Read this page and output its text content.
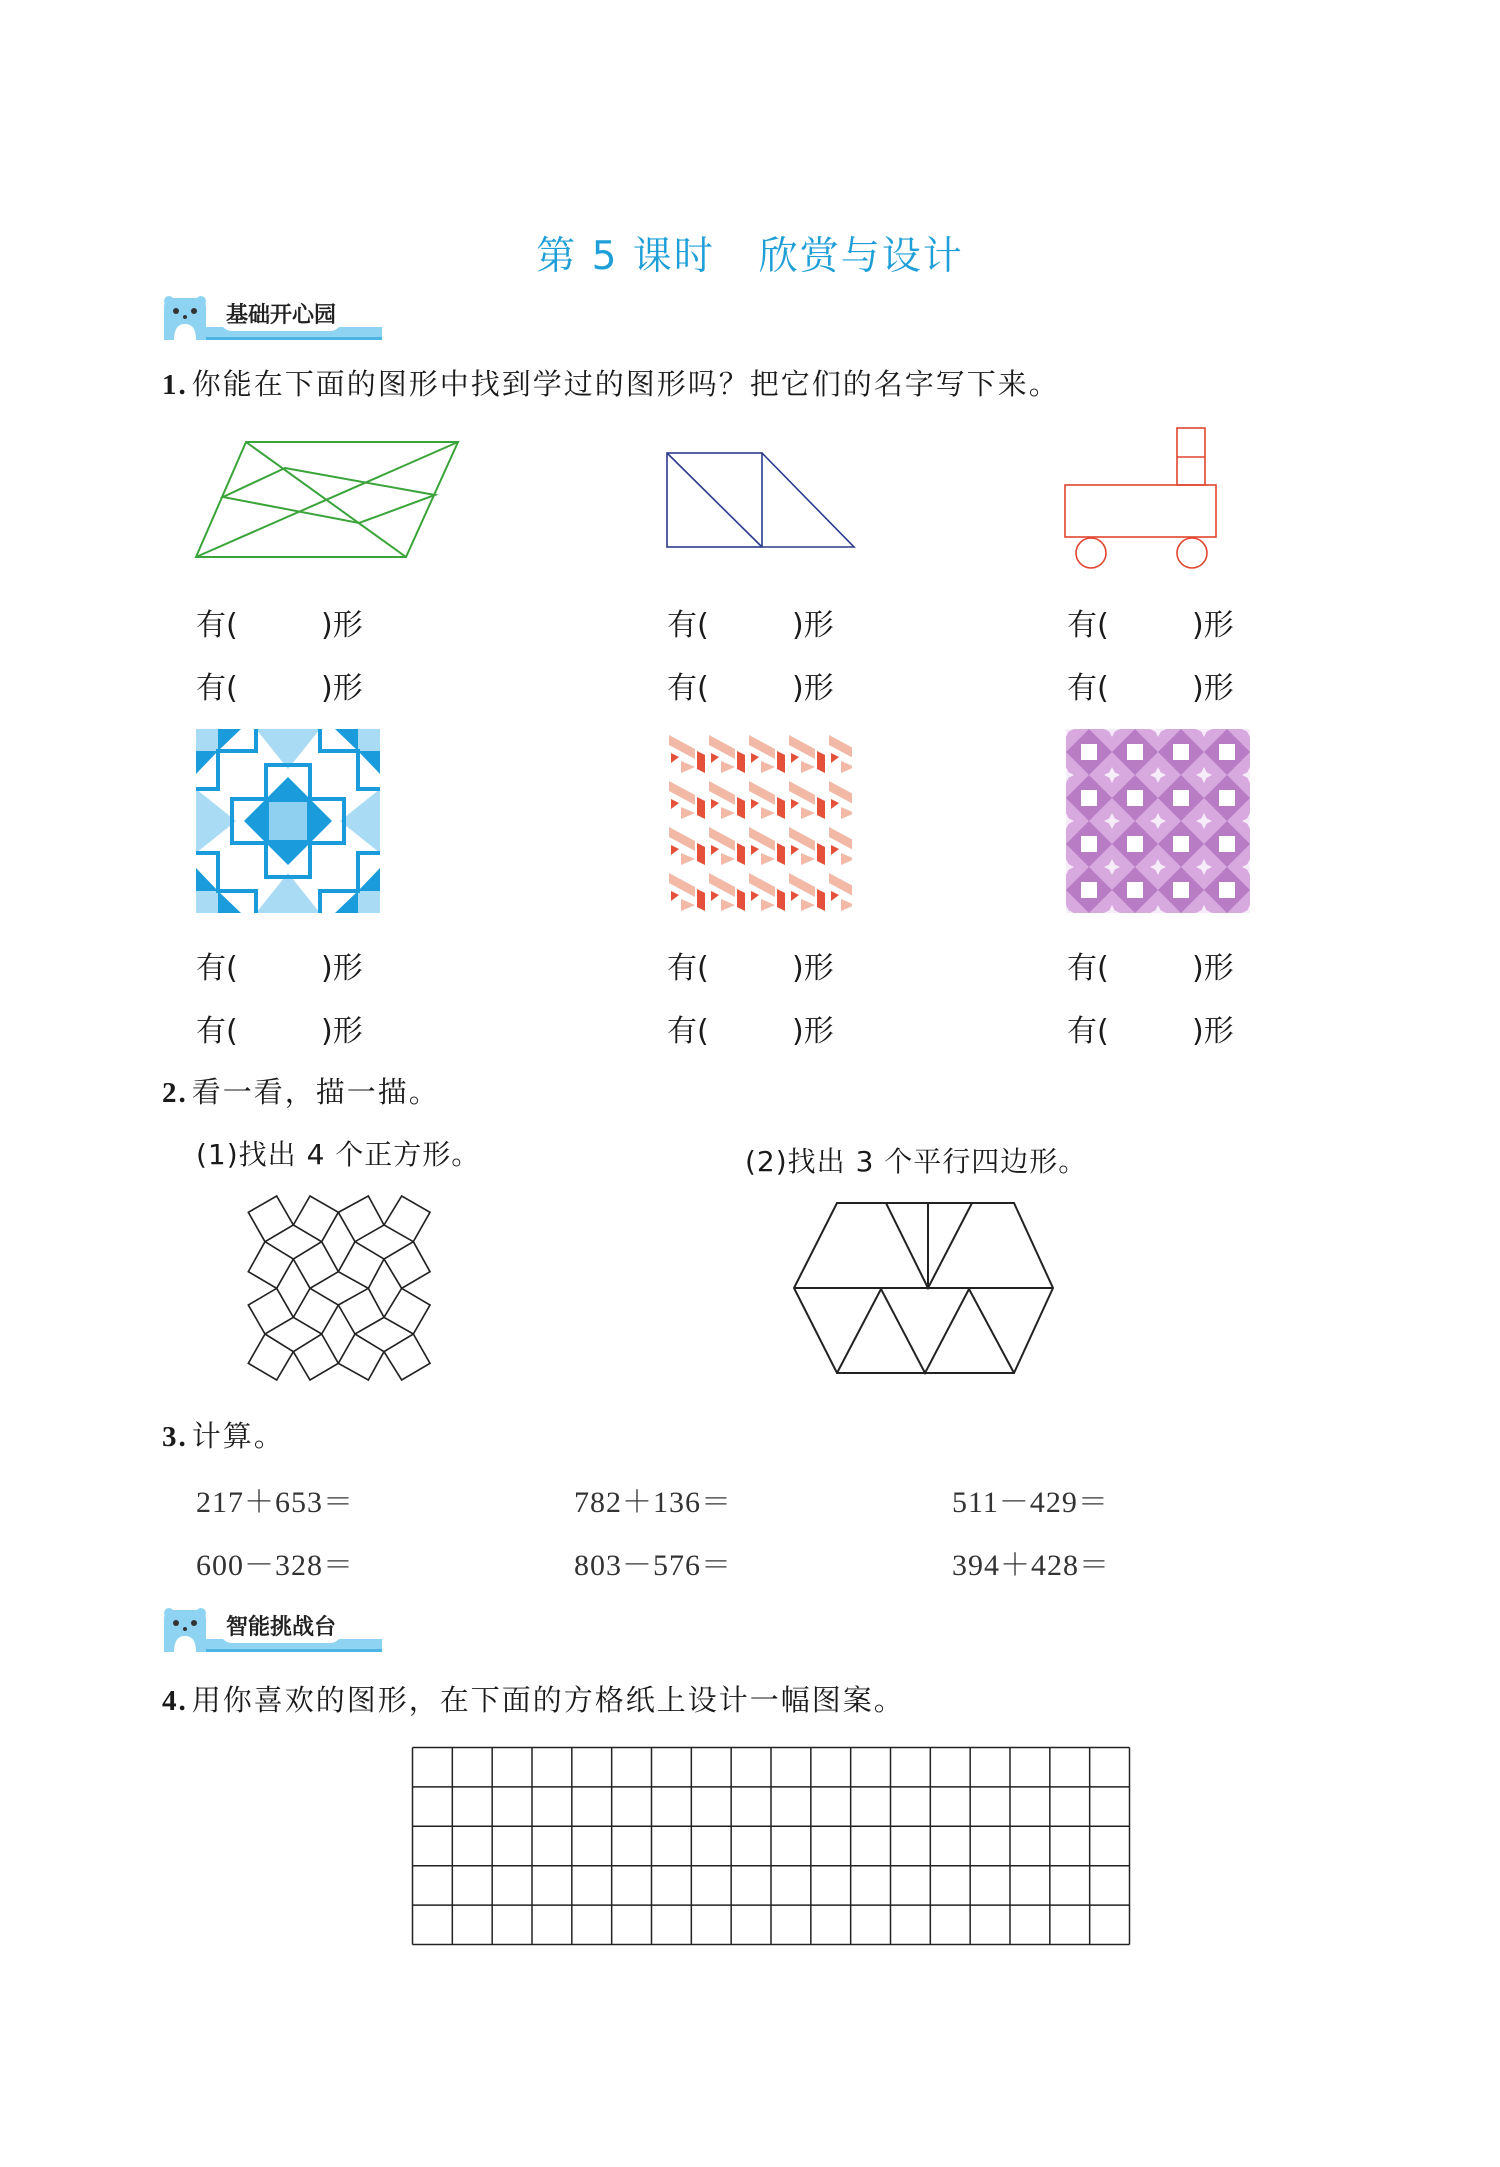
第 5 课时 欣赏与设计
基础开心园
1. 你能在下面的图形中找到学过的图形吗？把它们的名字写下来。
有(	)形	有(	)形	有(	)形
有(	)形	有(	)形	有(	)形
有(	)形	有(	)形	有(	)形
有(	)形	有(	)形	有(	)形
2. 看一看，描一描。
(1)找出 4 个正方形。	(2)找出 3 个平行四边形。
3. 计算。
217＋653＝	782＋136＝	511－429＝
600－328＝	803－576＝	394＋428＝
智能挑战台
4. 用你喜欢的图形，在下面的方格纸上设计一幅图案。
